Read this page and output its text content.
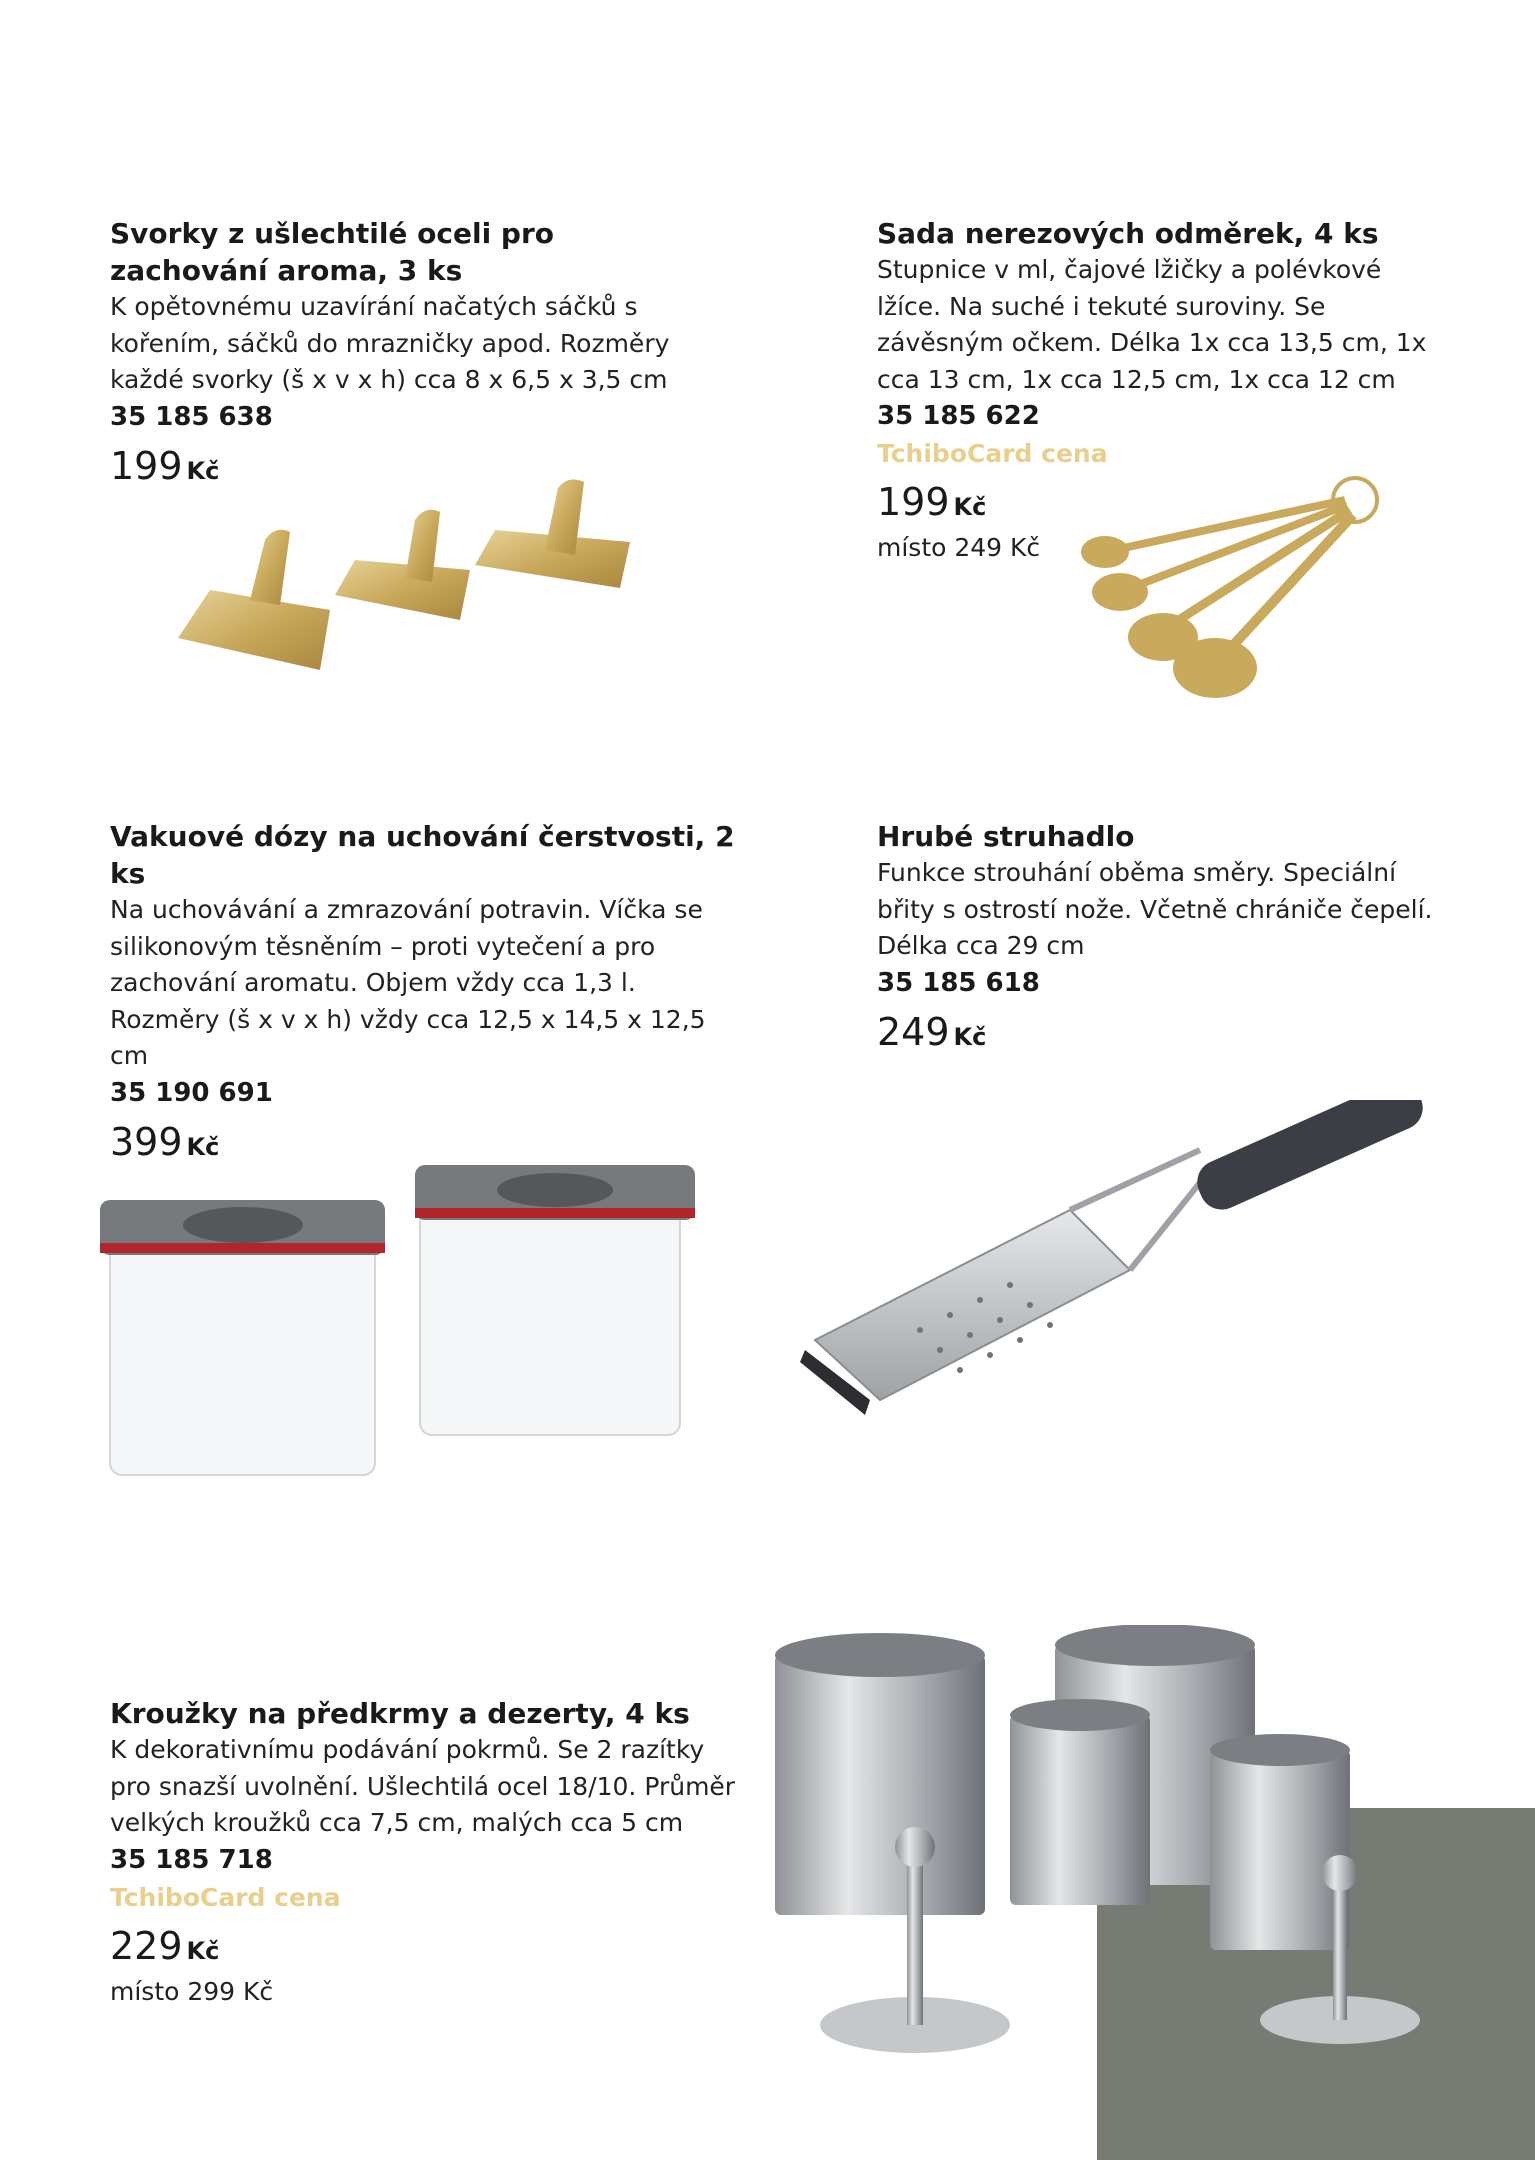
Svorky z ušlechtilé oceli pro zachování aroma, 3 ks

K opětovnému uzavírání načatých sáčků s kořením, sáčků do mrazničky apod. Rozměry každé svorky (š x v x h) cca 8 x 6,5 x 3,5 cm

35 185 638

199 Kč

Sada nerezových odměrek, 4 ks

Stupnice v ml, čajové lžičky a polévkové lžíce. Na suché i tekuté suroviny. Se závěsným očkem. Délka 1x cca 13,5 cm, 1x cca 13 cm, 1x cca 12,5 cm, 1x cca 12 cm

35 185 622

TchiboCard cena

199 Kč
místo 249 Kč

Vakuové dózy na uchování čerstvosti, 2 ks

Na uchovávání a zmrazování potravin. Víčka se silikonovým těsněním – proti vytečení a pro zachování aromatu. Objem vždy cca 1,3 l. Rozměry (š x v x h) vždy cca 12,5 x 14,5 x 12,5 cm

35 190 691

399 Kč

Hrubé struhadlo

Funkce strouhání oběma směry. Speciální břity s ostrostí nože. Včetně chrániče čepelí. Délka cca 29 cm

35 185 618

249 Kč

Kroužky na předkrmy a dezerty, 4 ks

K dekorativnímu podávání pokrmů. Se 2 razítky pro snazší uvolnění. Ušlechtilá ocel 18/10. Průměr velkých kroužků cca 7,5 cm, malých cca 5 cm

35 185 718

TchiboCard cena

229 Kč
místo 299 Kč
